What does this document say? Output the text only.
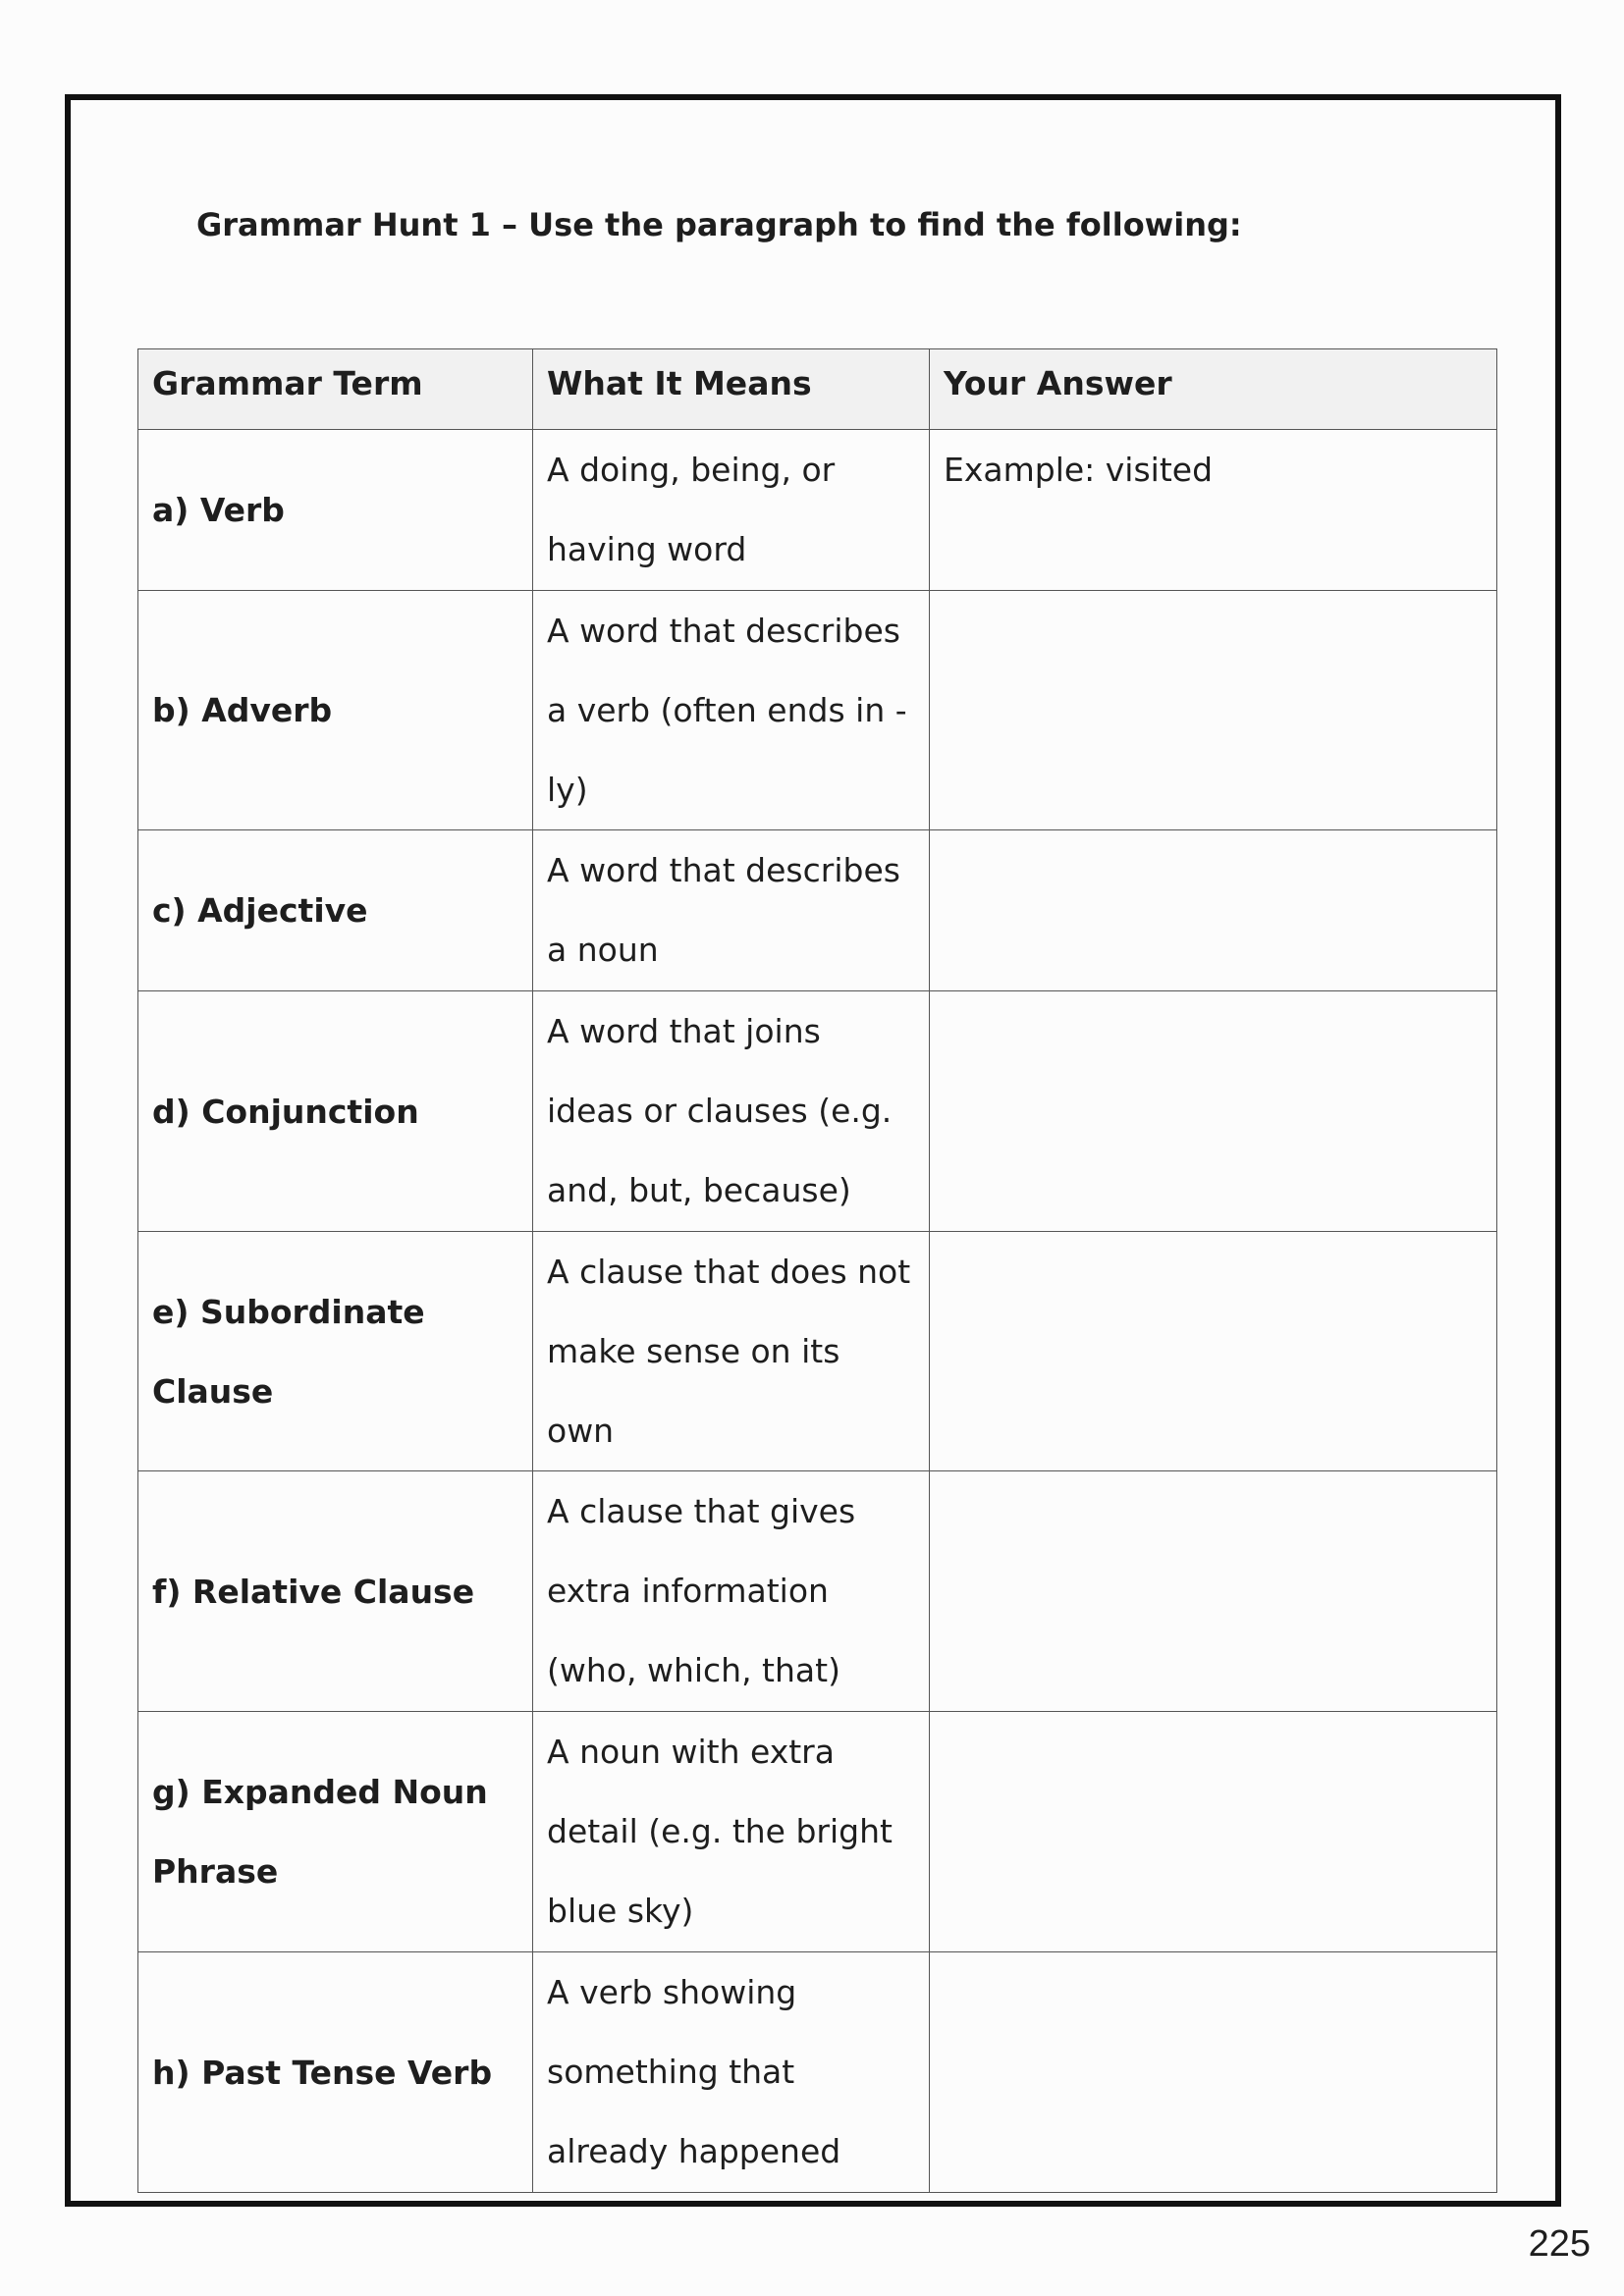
Grammar Hunt 1 – Use the paragraph to find the following:
Grammar Term	What It Means	Your Answer
a) Verb	A doing, being, or having word	Example: visited
b) Adverb	A word that describes a verb (often ends in -ly)	
c) Adjective	A word that describes a noun	
d) Conjunction	A word that joins ideas or clauses (e.g. and, but, because)	
e) Subordinate Clause	A clause that does not make sense on its own	
f) Relative Clause	A clause that gives extra information (who, which, that)	
g) Expanded Noun Phrase	A noun with extra detail (e.g. the bright blue sky)	
h) Past Tense Verb	A verb showing something that already happened	
225
